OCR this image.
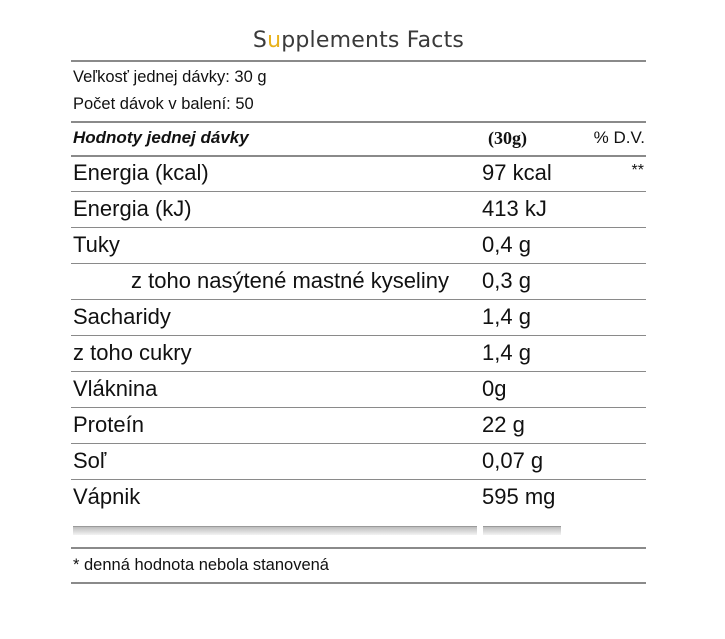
Supplements Facts
Veľkosť jednej dávky: 30 g
Počet dávok v balení: 50
Hodnoty jednej dávky	(30g)	% D.V.
Energia (kcal)	97 kcal	**
Energia (kJ)	413 kJ
Tuky	0,4 g
z toho nasýtené mastné kyseliny 0,3 g
Sacharidy	1,4 g
z toho cukry	1,4 g
Vláknina	0g
Proteín	22 g
Soľ	0,07 g
Vápnik	595 mg
* denná hodnota nebola stanovená
